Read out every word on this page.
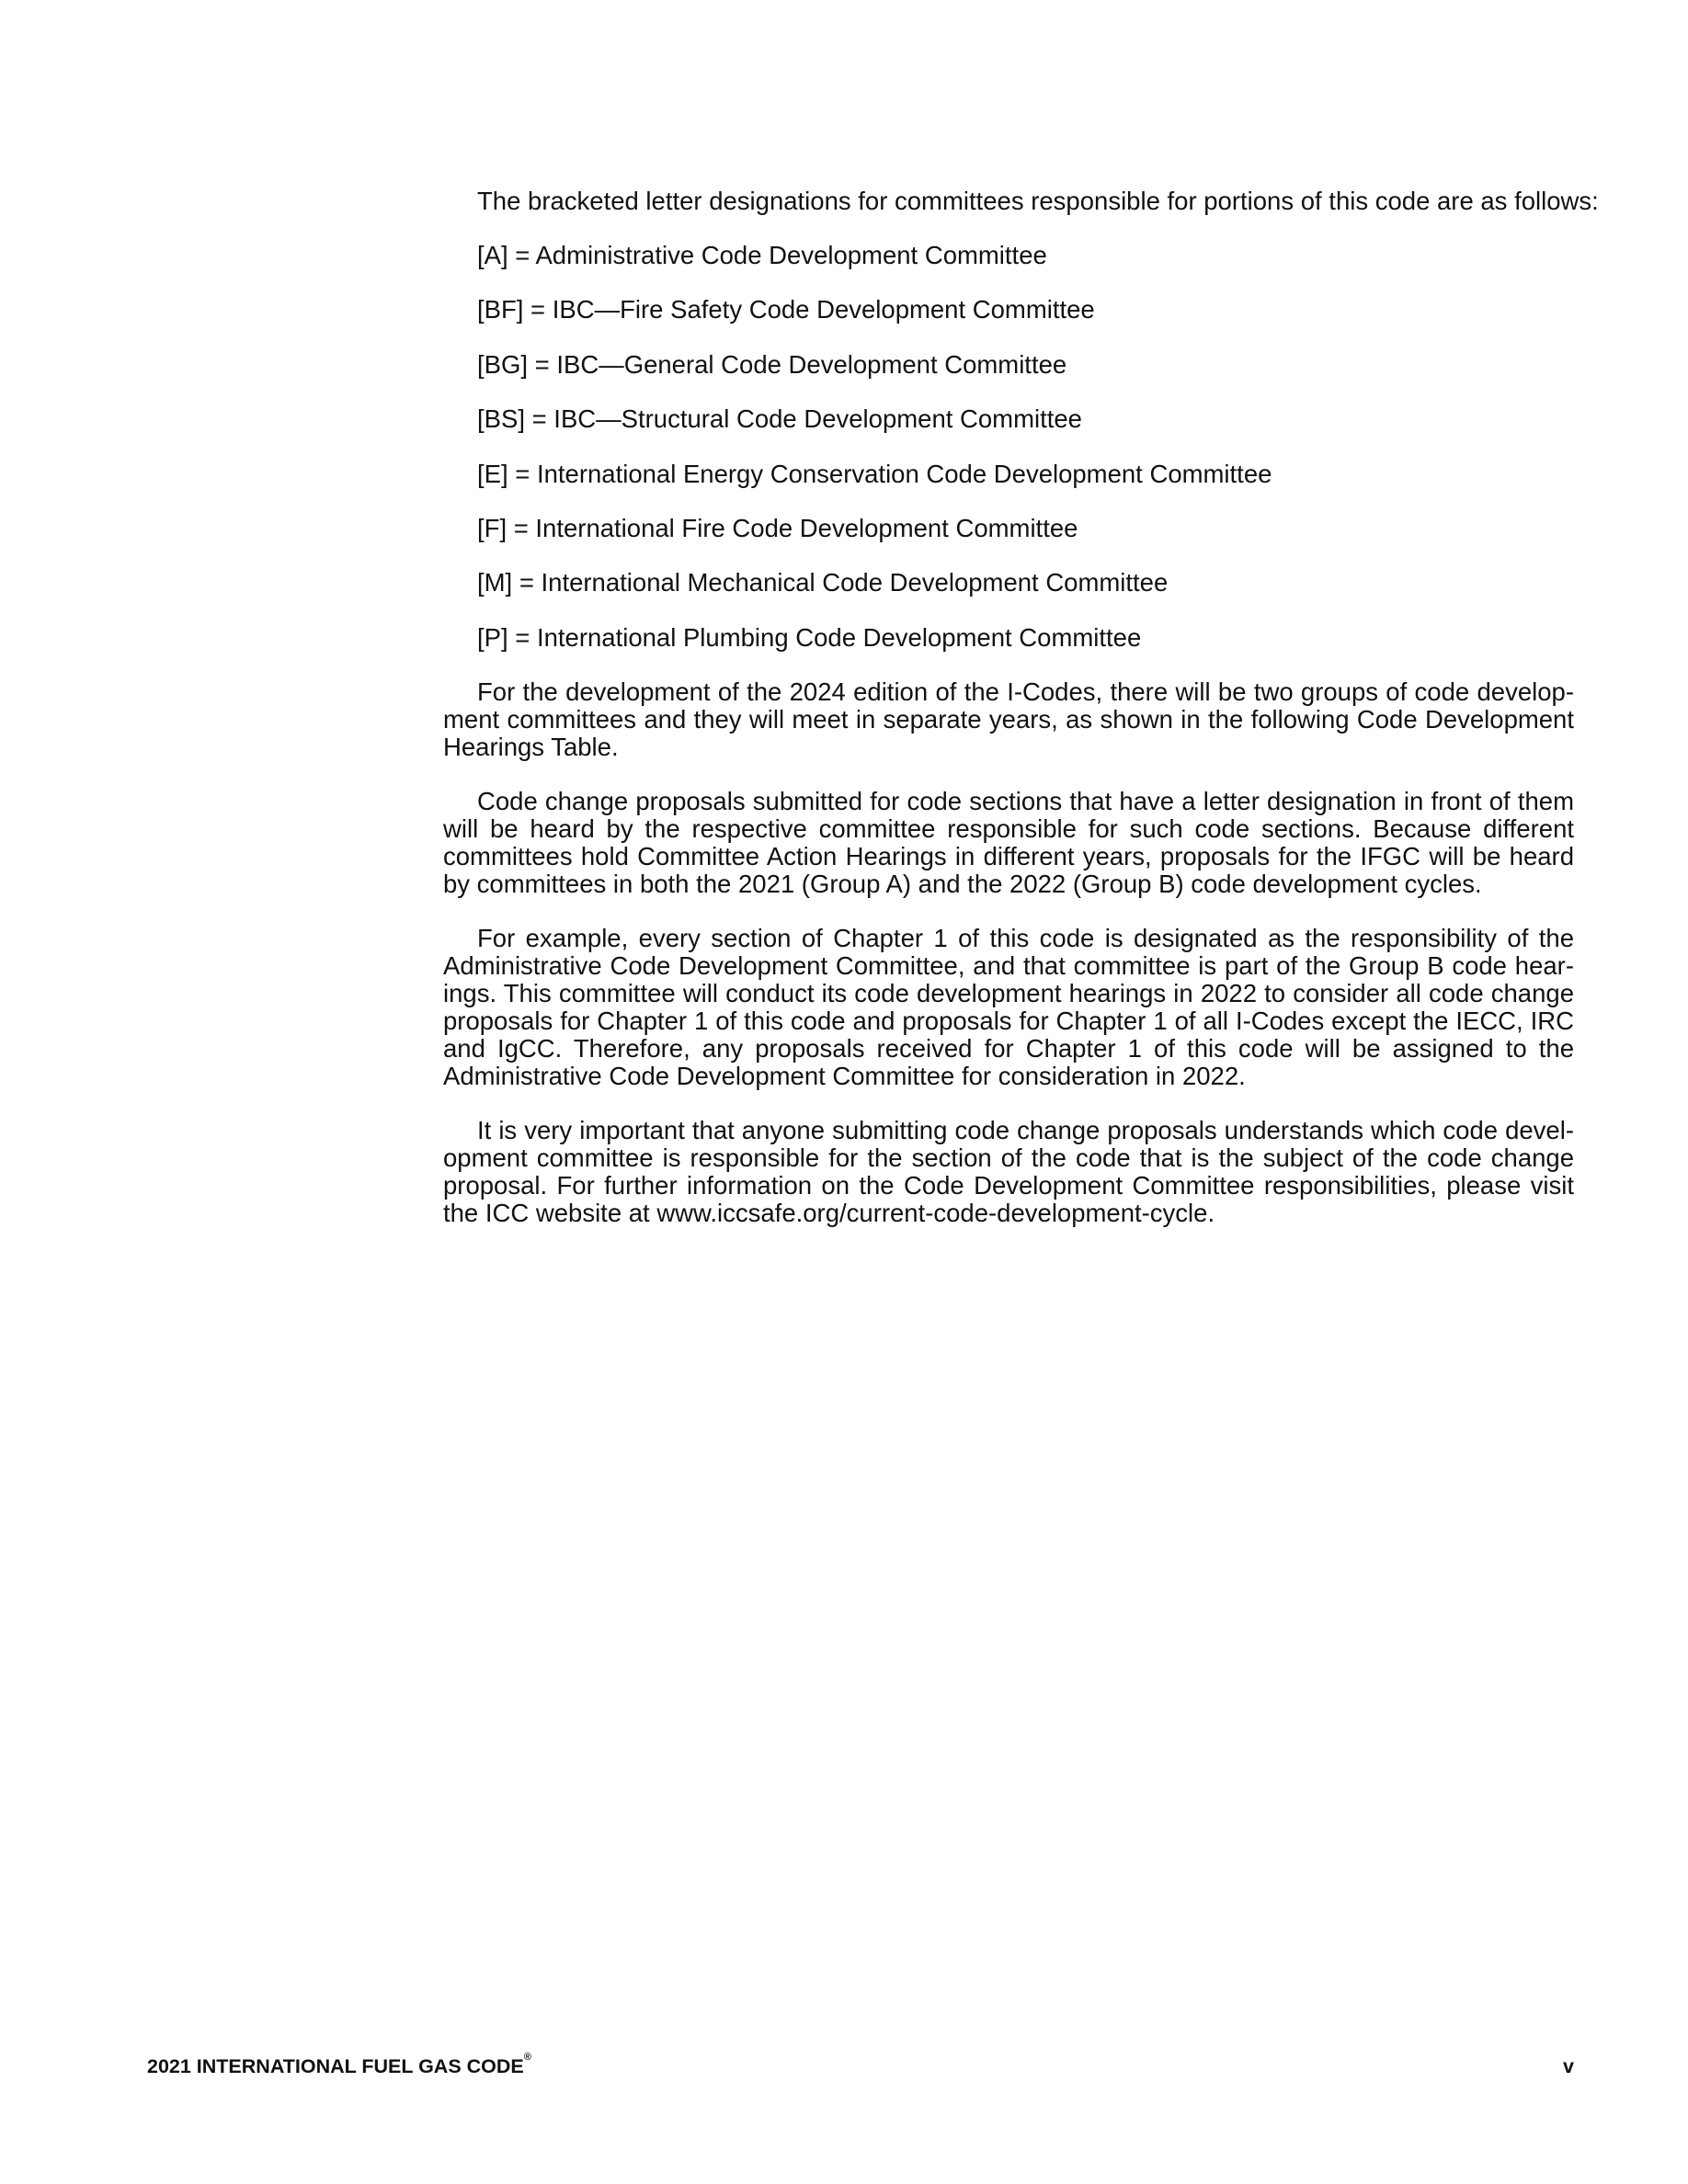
The bracketed letter designations for committees responsible for portions of this code are as follows:

[A] = Administrative Code Development Committee
[BF] = IBC—Fire Safety Code Development Committee
[BG] = IBC—General Code Development Committee
[BS] = IBC—Structural Code Development Committee
[E] = International Energy Conservation Code Development Committee
[F] = International Fire Code Development Committee
[M] = International Mechanical Code Development Committee
[P] = International Plumbing Code Development Committee

For the development of the 2024 edition of the I-Codes, there will be two groups of code development committees and they will meet in separate years, as shown in the following Code Development Hearings Table.

Code change proposals submitted for code sections that have a letter designation in front of them will be heard by the respective committee responsible for such code sections. Because different committees hold Committee Action Hearings in different years, proposals for the IFGC will be heard by committees in both the 2021 (Group A) and the 2022 (Group B) code development cycles.

For example, every section of Chapter 1 of this code is designated as the responsibility of the Administrative Code Development Committee, and that committee is part of the Group B code hearings. This committee will conduct its code development hearings in 2022 to consider all code change proposals for Chapter 1 of this code and proposals for Chapter 1 of all I-Codes except the IECC, IRC and IgCC. Therefore, any proposals received for Chapter 1 of this code will be assigned to the Administrative Code Development Committee for consideration in 2022.

It is very important that anyone submitting code change proposals understands which code development committee is responsible for the section of the code that is the subject of the code change proposal. For further information on the Code Development Committee responsibilities, please visit the ICC website at www.iccsafe.org/current-code-development-cycle.

2021 INTERNATIONAL FUEL GAS CODE®	v
